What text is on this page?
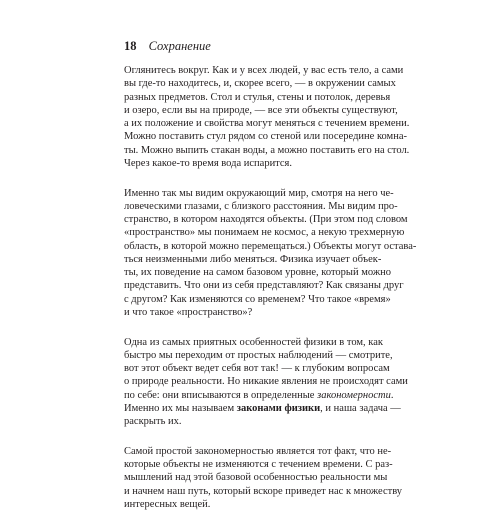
18 Сохранение
Оглянитесь вокруг. Как и у всех людей, у вас есть тело, а сами
вы где-то находитесь, и, скорее всего, — в окружении самых
разных предметов. Стол и стулья, стены и потолок, деревья
и озеро, если вы на природе, — все эти объекты существуют,
а их положение и свойства могут меняться с течением времени.
Можно поставить стул рядом со стеной или посередине комна-
ты. Можно выпить стакан воды, а можно поставить его на стол.
Через какое-то время вода испарится.
Именно так мы видим окружающий мир, смотря на него че-
ловеческими глазами, с близкого расстояния. Мы видим про-
странство, в котором находятся объекты. (При этом под словом
«пространство» мы понимаем не космос, а некую трехмерную
область, в которой можно перемещаться.) Объекты могут остава-
ться неизменными либо меняться. Физика изучает объек-
ты, их поведение на самом базовом уровне, который можно
представить. Что они из себя представляют? Как связаны друг
с другом? Как изменяются со временем? Что такое «время»
и что такое «пространство»?
Одна из самых приятных особенностей физики в том, как
быстро мы переходим от простых наблюдений — смотрите,
вот этот объект ведет себя вот так! — к глубоким вопросам
о природе реальности. Но никакие явления не происходят сами
по себе: они вписываются в определенные закономерности.
Именно их мы называем законами физики, и наша задача —
раскрыть их.
Самой простой закономерностью является тот факт, что не-
которые объекты не изменяются с течением времени. С раз-
мышлений над этой базовой особенностью реальности мы
и начнем наш путь, который вскоре приведет нас к множеству
интересных вещей.
